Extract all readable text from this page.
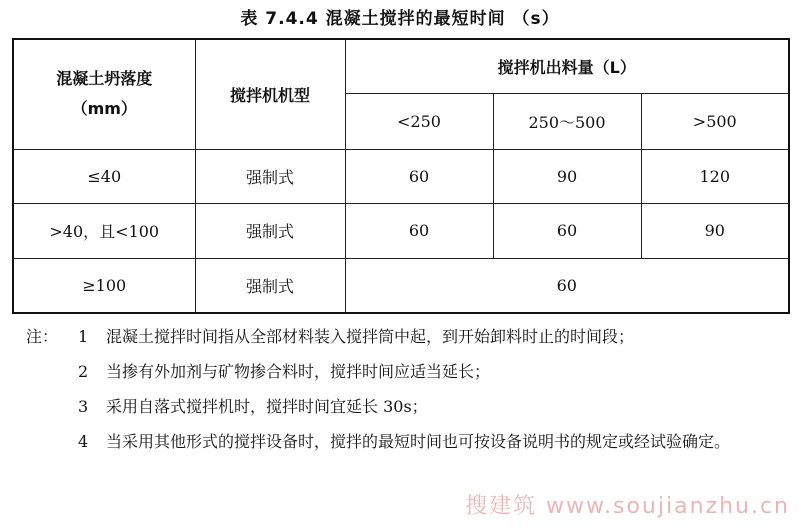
表 7.4.4 混凝土搅拌的最短时间 （s）
混凝土坍落度
（mm）	搅拌机机型	搅拌机出料量（L）		
		<250	250～500	>500
≤40	强制式	60	90	120
>40，且<100	强制式	60	60	90
≥100	强制式	60		
注：	1	混凝土搅拌时间指从全部材料装入搅拌筒中起，到开始卸料时止的时间段；
2	当掺有外加剂与矿物掺合料时，搅拌时间应适当延长；
3	采用自落式搅拌机时，搅拌时间宜延长 30s；
4	当采用其他形式的搅拌设备时，搅拌的最短时间也可按设备说明书的规定或经试验确定。
搜建筑 www.soujianzhu.cn
